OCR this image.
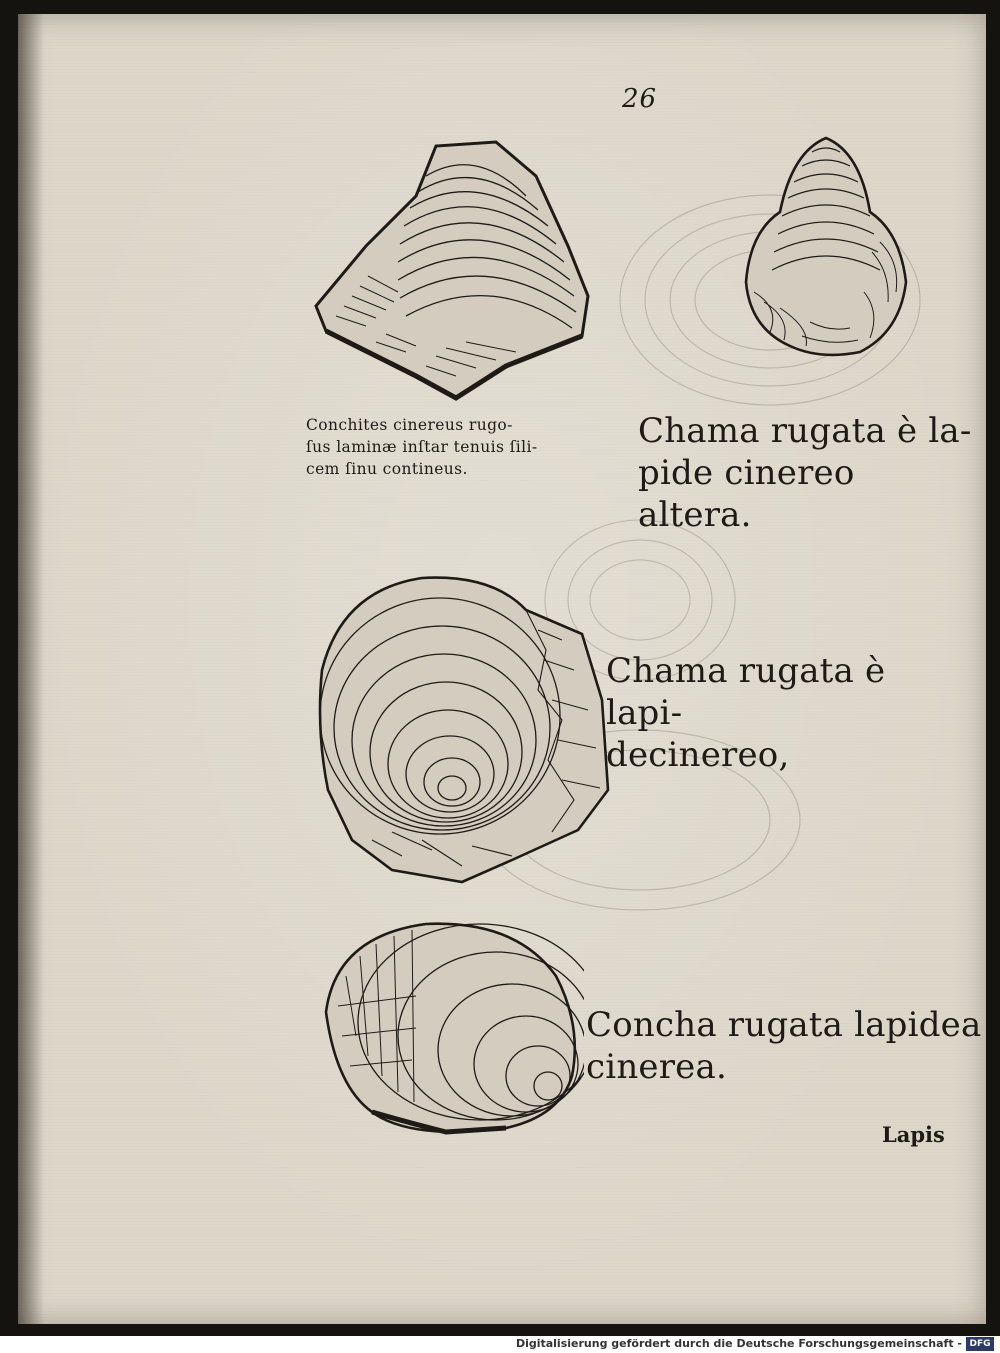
26
Conchites cinereus rugo-
ſus laminæ inſtar tenuis ſili-
cem ſinu contineus.
Chama rugata è la-
pide cinereo altera.
Chama rugata è lapi-
decinereo,
Concha rugata lapidea
cinerea.
Lapis
Digitalisierung gefördert durch die Deutsche Forschungsgemeinschaft - DFG
